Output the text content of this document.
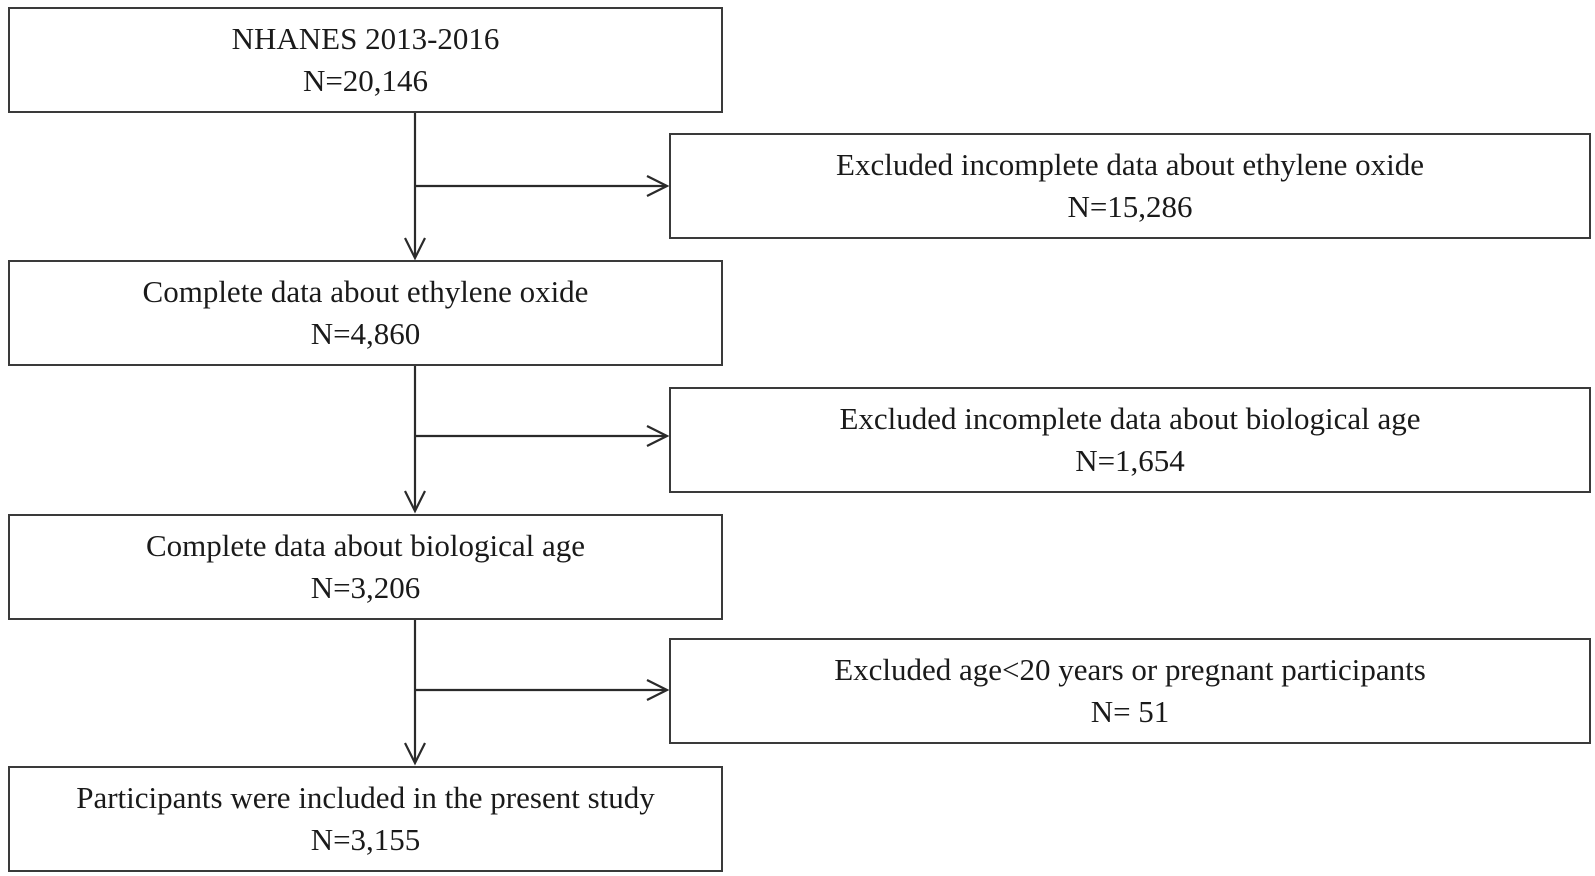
NHANES 2013-2016
N=20,146
Complete data about ethylene oxide
N=4,860
Complete data about biological age
N=3,206
Participants were included in the present study
N=3,155
Excluded incomplete data about ethylene oxide
N=15,286
Excluded incomplete data about biological age
N=1,654
Excluded age<20 years or pregnant participants
N= 51
